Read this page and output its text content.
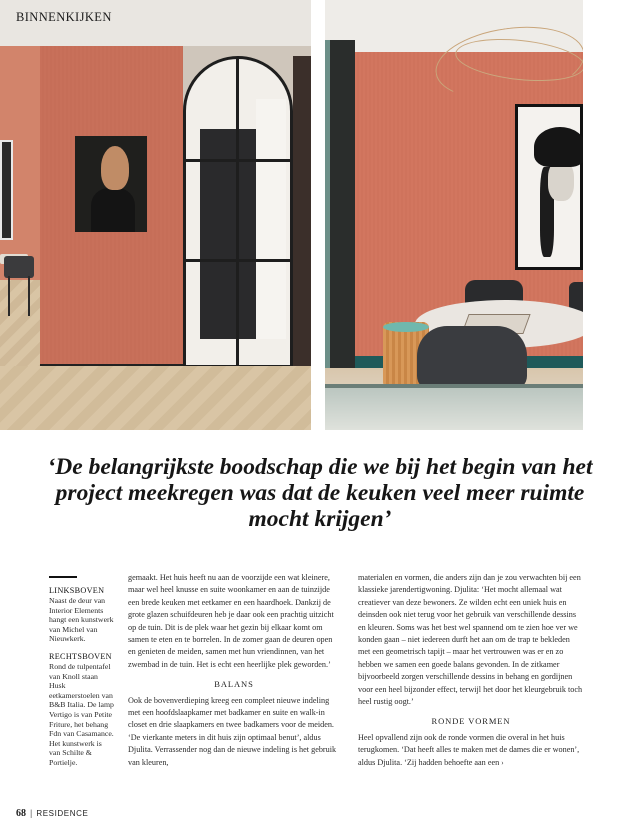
BINNENKIJKEN
‘De belangrijkste boodschap die we bij het begin van het project meekregen was dat de keuken veel meer ruimte mocht krijgen’
LINKSBOVEN
Naast de deur van Interior Elements hangt een kunstwerk van Michel van Nieuwkerk.
RECHTSBOVEN
Rond de tulpentafel van Knoll staan Husk eetkamerstoelen van B&B Italia. De lamp Vertigo is van Petite Friture, het behang Fdn van Casamance. Het kunstwerk is van Schilte & Portielje.

gemaakt. Het huis heeft nu aan de voorzijde een wat kleinere, maar wel heel knusse en suite woonkamer en aan de tuinzijde een brede keuken met eetkamer en een haardhoek. Dankzij de grote glazen schuifdeuren heb je daar ook een prachtig uitzicht op de tuin. Dit is de plek waar het gezin bij elkaar komt om samen te eten en te borrelen. In de zomer gaan de deuren open en genieten de meiden, samen met hun vriendinnen, van het zwembad in de tuin. Het is echt een heerlijke plek geworden.’

BALANS

Ook de bovenverdieping kreeg een compleet nieuwe indeling met een hoofdslaapkamer met badkamer en suite en walk-in closet en drie slaapkamers en twee badkamers voor de meiden. ‘De vierkante meters in dit huis zijn optimaal benut’, aldus Djulita. Verrassender nog dan de nieuwe indeling is het gebruik van kleuren,

materialen en vormen, die anders zijn dan je zou verwachten bij een klassieke jarendertigwoning. Djulita: ‘Het mocht allemaal wat creatiever van deze bewoners. Ze wilden echt een uniek huis en deinsden ook niet terug voor het gebruik van verschillende dessins en kleuren. Soms was het best wel spannend om te zien hoe ver we konden gaan – niet iedereen durft het aan om de trap te bekleden met een geometrisch tapijt – maar het vertrouwen was er en zo hebben we samen een goede balans gevonden. In de zitkamer bijvoorbeeld zorgen verschillende dessins in behang en gordijnen voor een heel bijzonder effect, terwijl het door het kleurgebruik toch heel rustig oogt.’

RONDE VORMEN

Heel opvallend zijn ook de ronde vormen die overal in het huis terugkomen. ‘Dat heeft alles te maken met de dames die er wonen’, aldus Djulita. ‘Zij hadden behoefte aan een ›

68 | RESIDENCE
